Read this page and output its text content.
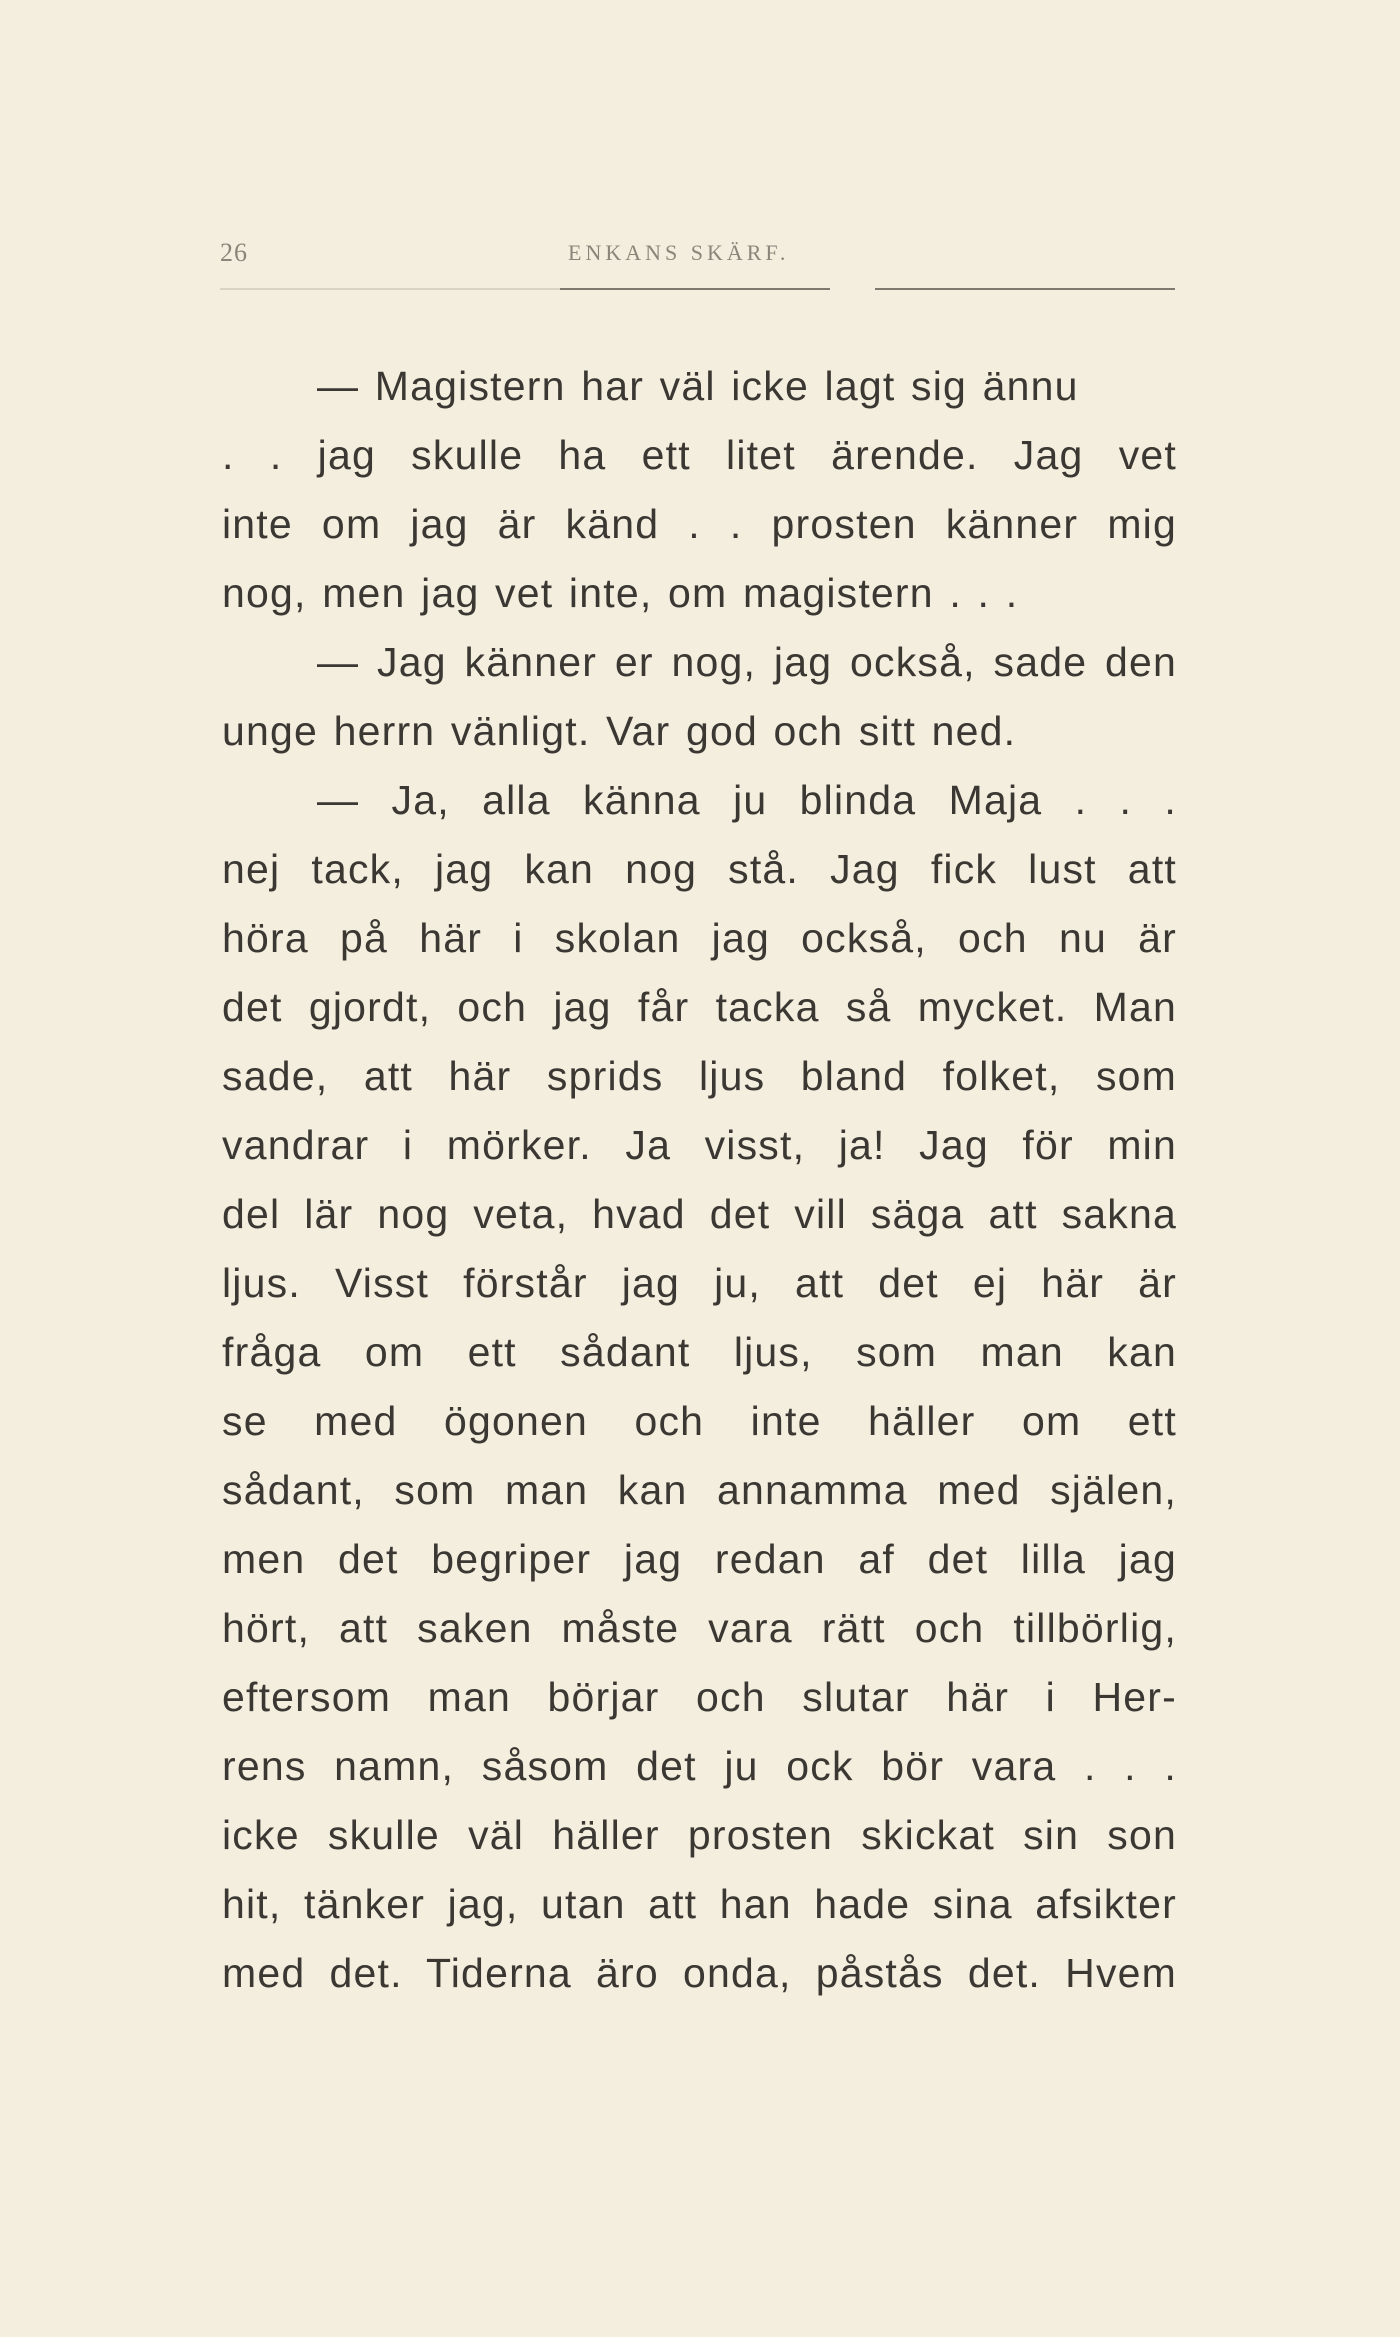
26	ENKANS SKÄRF.
— Magistern har väl icke lagt sig ännu
. . jag skulle ha ett litet ärende. Jag vet
inte om jag är känd . . prosten känner mig
nog, men jag vet inte, om magistern . . .
— Jag känner er nog, jag också, sade den
unge herrn vänligt. Var god och sitt ned.
— Ja, alla känna ju blinda Maja . . .
nej tack, jag kan nog stå. Jag fick lust att
höra på här i skolan jag också, och nu är
det gjordt, och jag får tacka så mycket. Man
sade, att här sprids ljus bland folket, som
vandrar i mörker. Ja visst, ja! Jag för min
del lär nog veta, hvad det vill säga att sakna
ljus. Visst förstår jag ju, att det ej här är
fråga om ett sådant ljus, som man kan
se med ögonen och inte häller om ett
sådant, som man kan annamma med själen,
men det begriper jag redan af det lilla jag
hört, att saken måste vara rätt och tillbörlig,
eftersom man börjar och slutar här i Her-
rens namn, såsom det ju ock bör vara . . .
icke skulle väl häller prosten skickat sin son
hit, tänker jag, utan att han hade sina afsikter
med det. Tiderna äro onda, påstås det. Hvem
